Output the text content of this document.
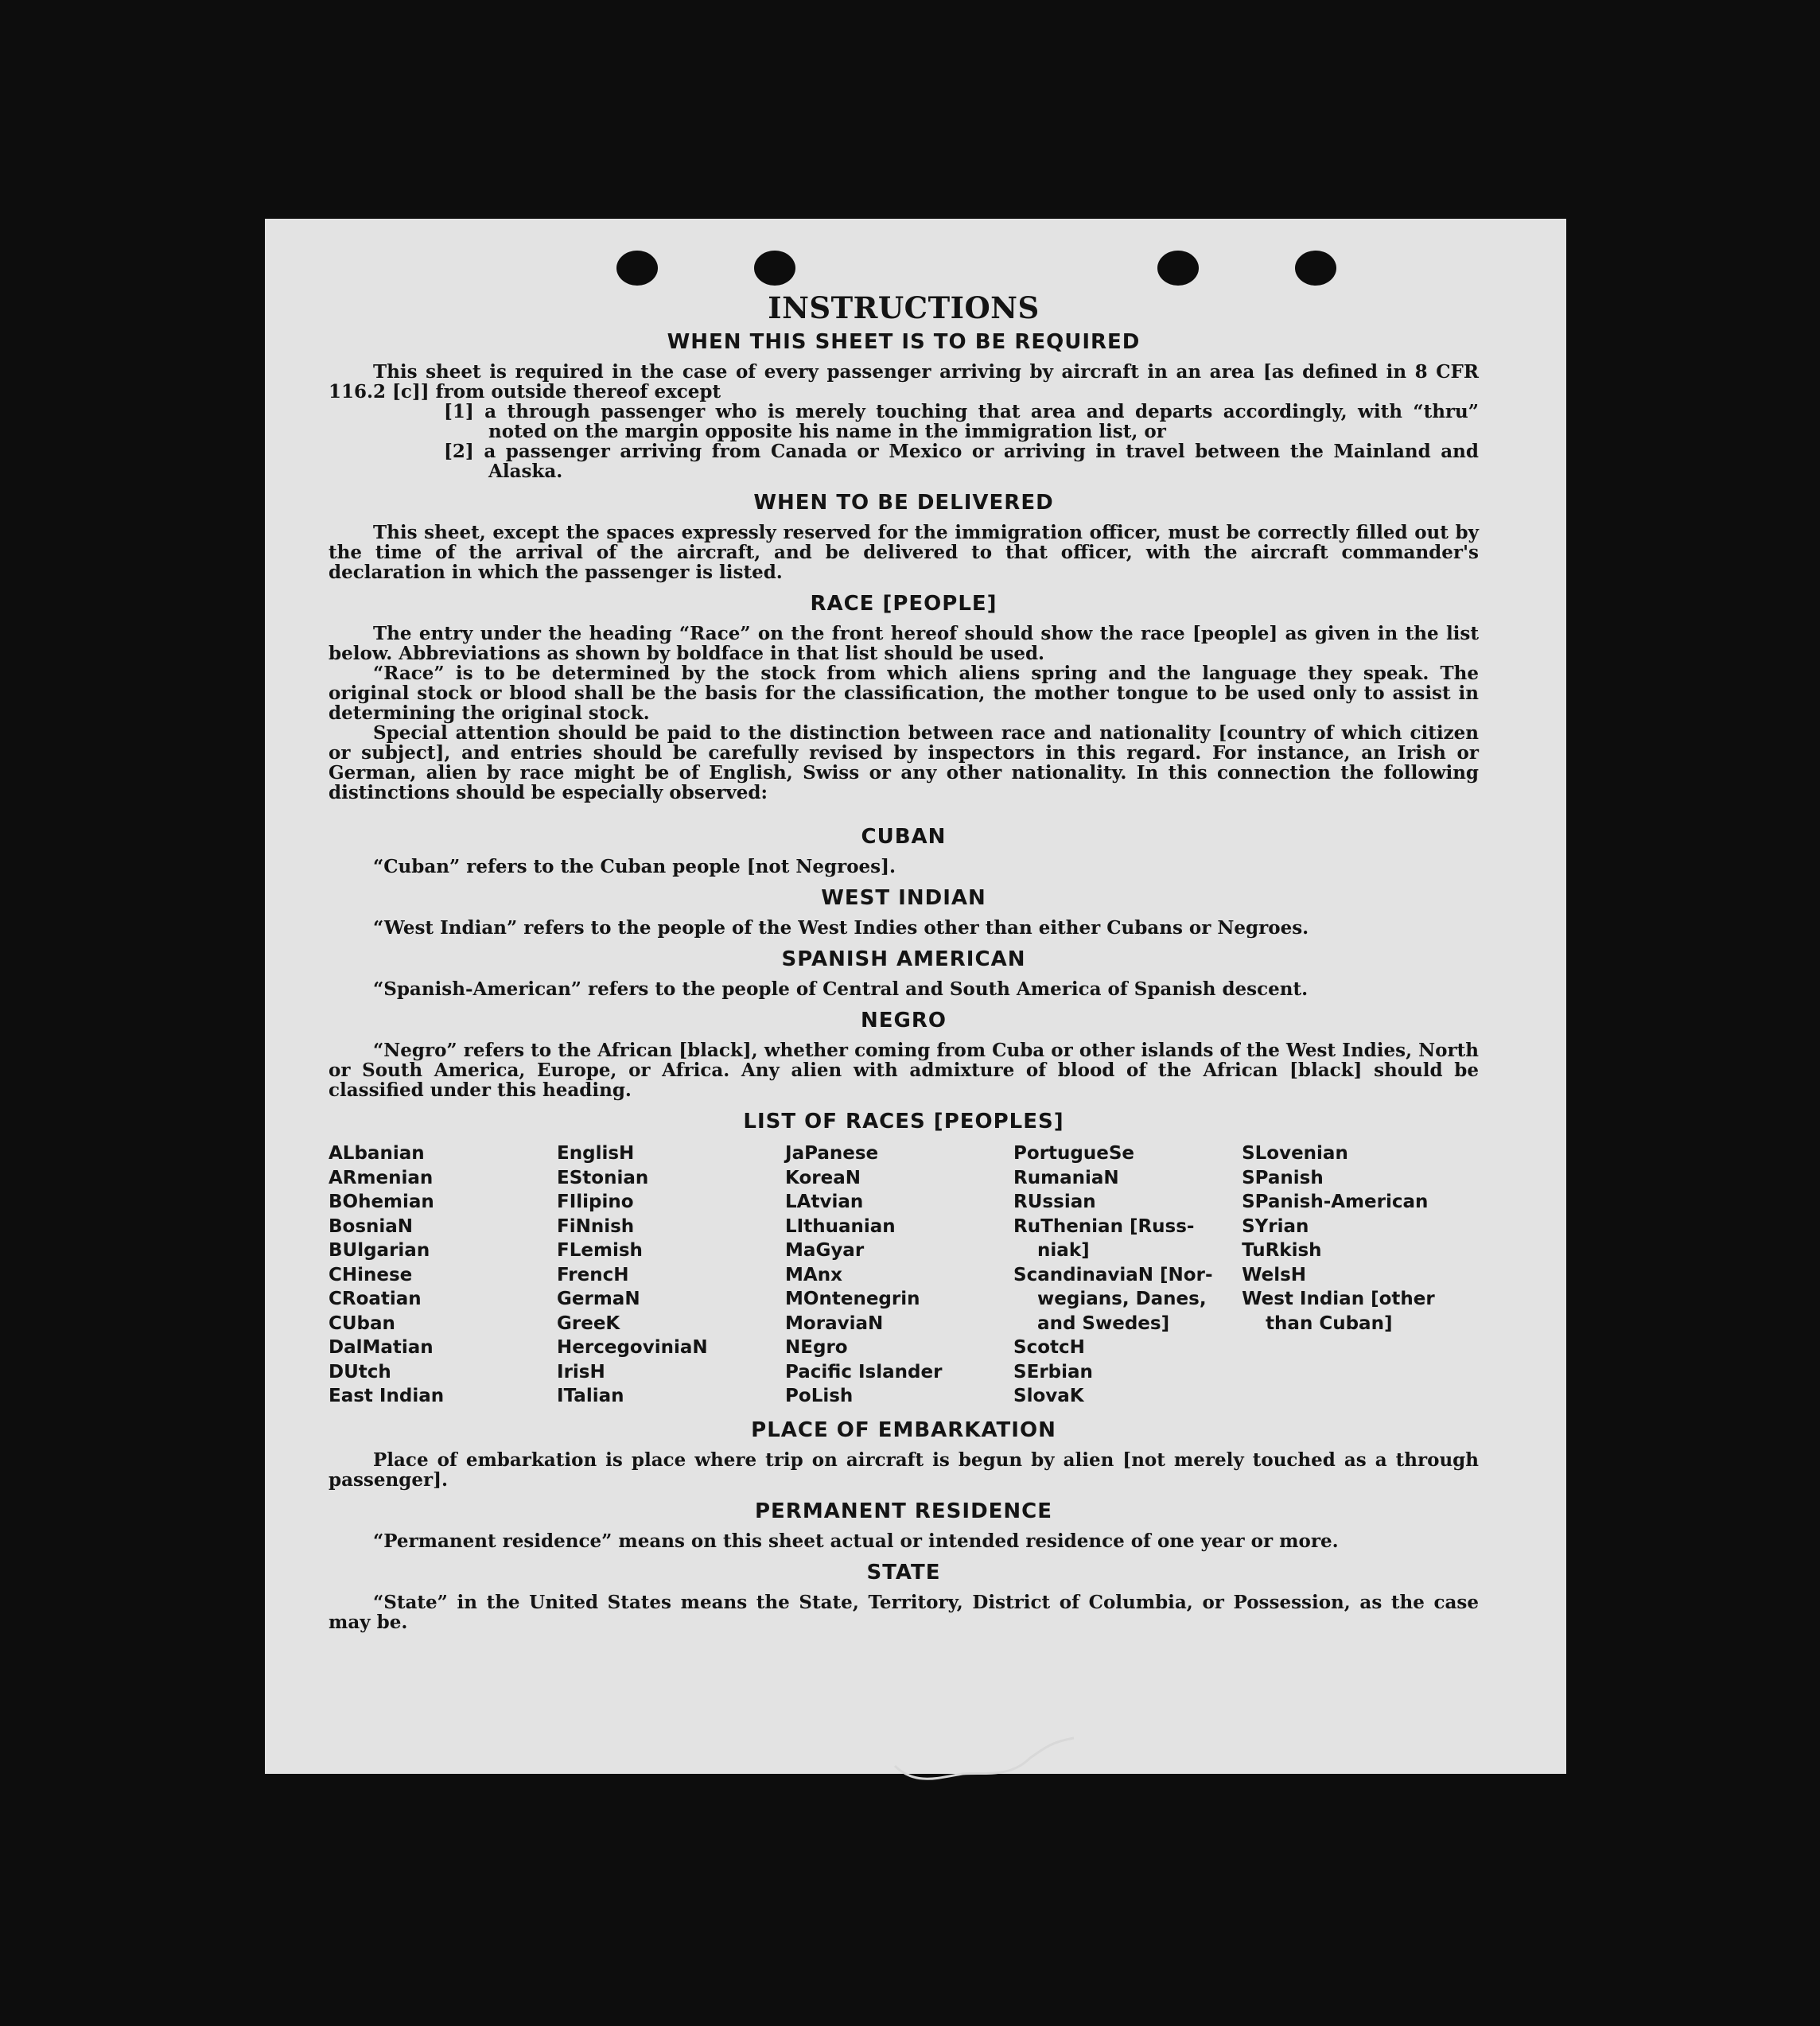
INSTRUCTIONS
WHEN THIS SHEET IS TO BE REQUIRED

This sheet is required in the case of every passenger arriving by aircraft in an area [as defined in 8 CFR 116.2 [c]] from outside thereof except

[1] a through passenger who is merely touching that area and departs accordingly, with “thru” noted on the margin opposite his name in the immigration list, or

[2] a passenger arriving from Canada or Mexico or arriving in travel between the Mainland and Alaska.

WHEN TO BE DELIVERED

This sheet, except the spaces expressly reserved for the immigration officer, must be correctly filled out by the time of the arrival of the aircraft, and be delivered to that officer, with the aircraft commander's declaration in which the passenger is listed.

RACE [PEOPLE]

The entry under the heading “Race” on the front hereof should show the race [people] as given in the list below. Abbreviations as shown by boldface in that list should be used.

“Race” is to be determined by the stock from which aliens spring and the language they speak. The original stock or blood shall be the basis for the classification, the mother tongue to be used only to assist in determining the original stock.

Special attention should be paid to the distinction between race and nationality [country of which citizen or subject], and entries should be carefully revised by inspectors in this regard. For instance, an Irish or German, alien by race might be of English, Swiss or any other nationality. In this connection the following distinctions should be especially observed:

CUBAN

“Cuban” refers to the Cuban people [not Negroes].

WEST INDIAN

“West Indian” refers to the people of the West Indies other than either Cubans or Negroes.

SPANISH AMERICAN

“Spanish-American” refers to the people of Central and South America of Spanish descent.

NEGRO

“Negro” refers to the African [black], whether coming from Cuba or other islands of the West Indies, North or South America, Europe, or Africa. Any alien with admixture of blood of the African [black] should be classified under this heading.

LIST OF RACES [PEOPLES]
ALbanian
ARmenian
BOhemian
BosniaN
BUlgarian
CHinese
CRoatian
CUban
DalMatian
DUtch
East Indian
EnglisH
EStonian
FIlipino
FiNnish
FLemish
FrencH
GermaN
GreeK
HercegoviniaN
IrisH
ITalian
JaPanese
KoreaN
LAtvian
LIthuanian
MaGyar
MAnx
MOntenegrin
MoraviaN
NEgro
Pacific Islander
PoLish
PortugueSe
RumaniaN
RUssian
RuThenian [Russ-
niak]
ScandinaviaN [Nor-
wegians, Danes,
and Swedes]
ScotcH
SErbian
SlovaK
SLovenian
SPanish
SPanish-American
SYrian
TuRkish
WelsH
West Indian [other
than Cuban]
PLACE OF EMBARKATION

Place of embarkation is place where trip on aircraft is begun by alien [not merely touched as a through passenger].

PERMANENT RESIDENCE

“Permanent residence” means on this sheet actual or intended residence of one year or more.

STATE

“State” in the United States means the State, Territory, District of Columbia, or Possession, as the case may be.
